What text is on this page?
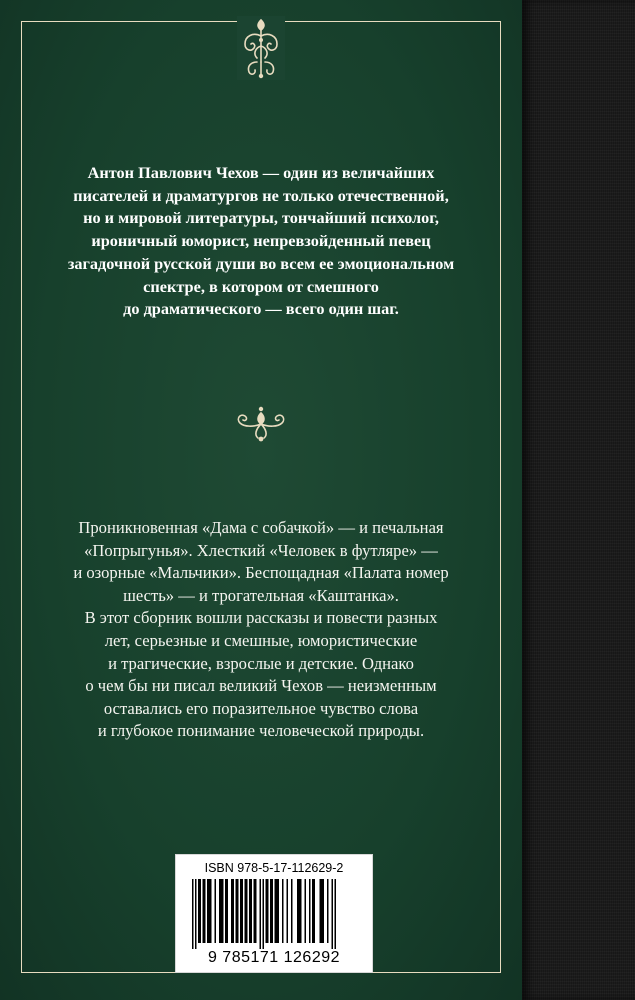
Антон Павлович Чехов — один из величайших
писателей и драматургов не только отечественной,
но и мировой литературы, тончайший психолог,
ироничный юморист, непревзойденный певец
загадочной русской души во всем ее эмоциональном
спектре, в котором от смешного
до драматического — всего один шаг.
Проникновенная «Дама с собачкой» — и печальная
«Попрыгунья». Хлесткий «Человек в футляре» —
и озорные «Мальчики». Беспощадная «Палата номер
шесть» — и трогательная «Каштанка».
В этот сборник вошли рассказы и повести разных
лет, серьезные и смешные, юмористические
и трагические, взрослые и детские. Однако
о чем бы ни писал великий Чехов — неизменным
оставались его поразительное чувство слова
и глубокое понимание человеческой природы.
ISBN 978-5-17-112629-2
9 785171 126292
